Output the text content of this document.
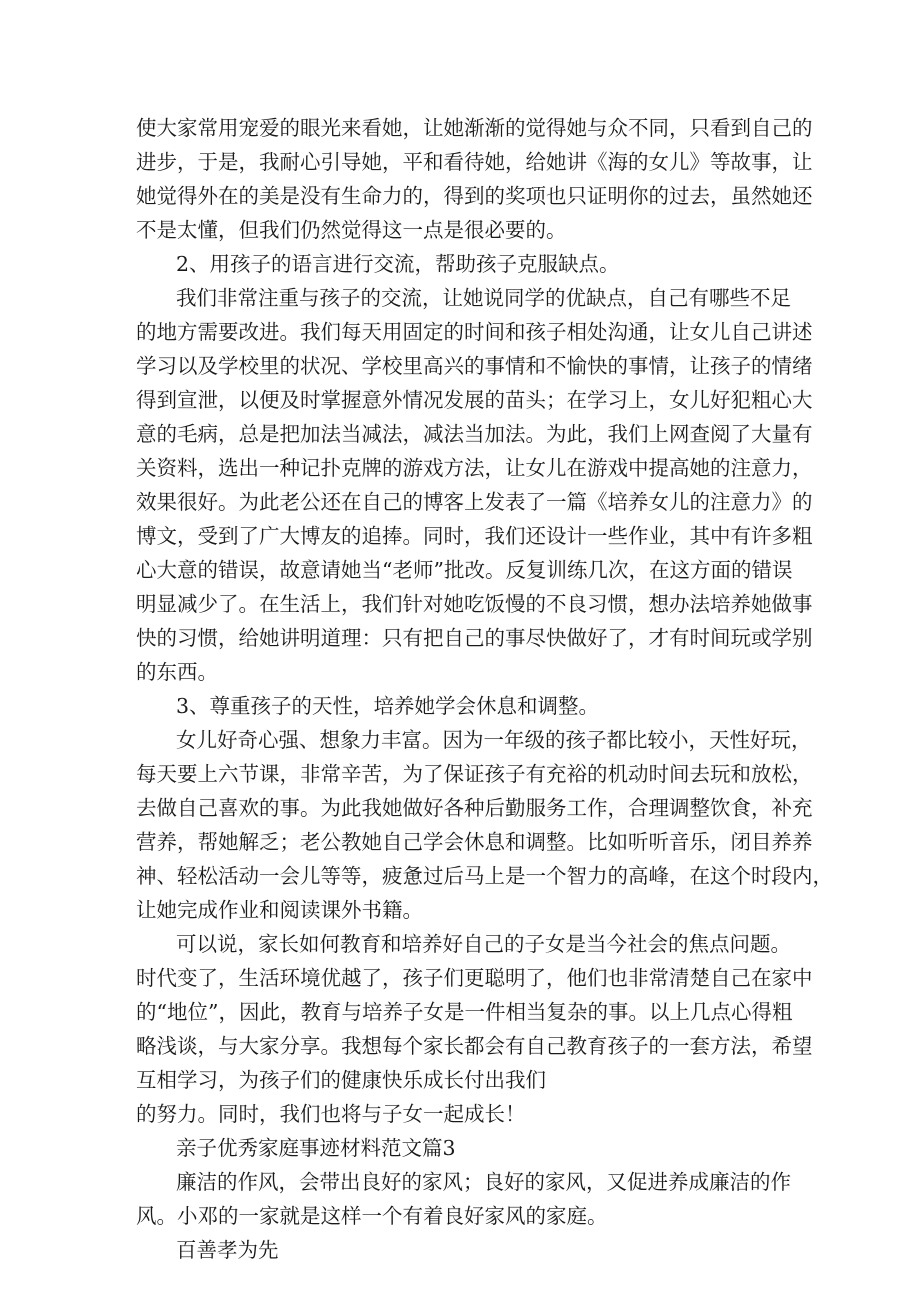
使大家常用宠爱的眼光来看她，让她渐渐的觉得她与众不同，只看到自己的
进步，于是，我耐心引导她，平和看待她，给她讲《海的女儿》等故事，让
她觉得外在的美是没有生命力的，得到的奖项也只证明你的过去，虽然她还
不是太懂，但我们仍然觉得这一点是很必要的。
2、用孩子的语言进行交流，帮助孩子克服缺点。
我们非常注重与孩子的交流，让她说同学的优缺点，自己有哪些不足
的地方需要改进。我们每天用固定的时间和孩子相处沟通，让女儿自己讲述
学习以及学校里的状况、学校里高兴的事情和不愉快的事情，让孩子的情绪
得到宣泄，以便及时掌握意外情况发展的苗头；在学习上，女儿好犯粗心大
意的毛病，总是把加法当减法，减法当加法。为此，我们上网查阅了大量有
关资料，选出一种记扑克牌的游戏方法，让女儿在游戏中提高她的注意力，
效果很好。为此老公还在自己的博客上发表了一篇《培养女儿的注意力》的
博文，受到了广大博友的追捧。同时，我们还设计一些作业，其中有许多粗
心大意的错误，故意请她当“老师”批改。反复训练几次，在这方面的错误
明显减少了。在生活上，我们针对她吃饭慢的不良习惯，想办法培养她做事
快的习惯，给她讲明道理：只有把自己的事尽快做好了，才有时间玩或学别
的东西。
3、尊重孩子的天性，培养她学会休息和调整。
女儿好奇心强、想象力丰富。因为一年级的孩子都比较小，天性好玩，
每天要上六节课，非常辛苦，为了保证孩子有充裕的机动时间去玩和放松，
去做自己喜欢的事。为此我她做好各种后勤服务工作，合理调整饮食，补充
营养，帮她解乏；老公教她自己学会休息和调整。比如听听音乐，闭目养养
神、轻松活动一会儿等等，疲惫过后马上是一个智力的高峰，在这个时段内，
让她完成作业和阅读课外书籍。
可以说，家长如何教育和培养好自己的子女是当今社会的焦点问题。
时代变了，生活环境优越了，孩子们更聪明了，他们也非常清楚自己在家中
的“地位”，因此，教育与培养子女是一件相当复杂的事。以上几点心得粗
略浅谈，与大家分享。我想每个家长都会有自己教育孩子的一套方法，希望
互相学习，为孩子们的健康快乐成长付出我们
的努力。同时，我们也将与子女一起成长！
亲子优秀家庭事迹材料范文篇3
廉洁的作风，会带出良好的家风；良好的家风，又促进养成廉洁的作
风。小邓的一家就是这样一个有着良好家风的家庭。
百善孝为先
